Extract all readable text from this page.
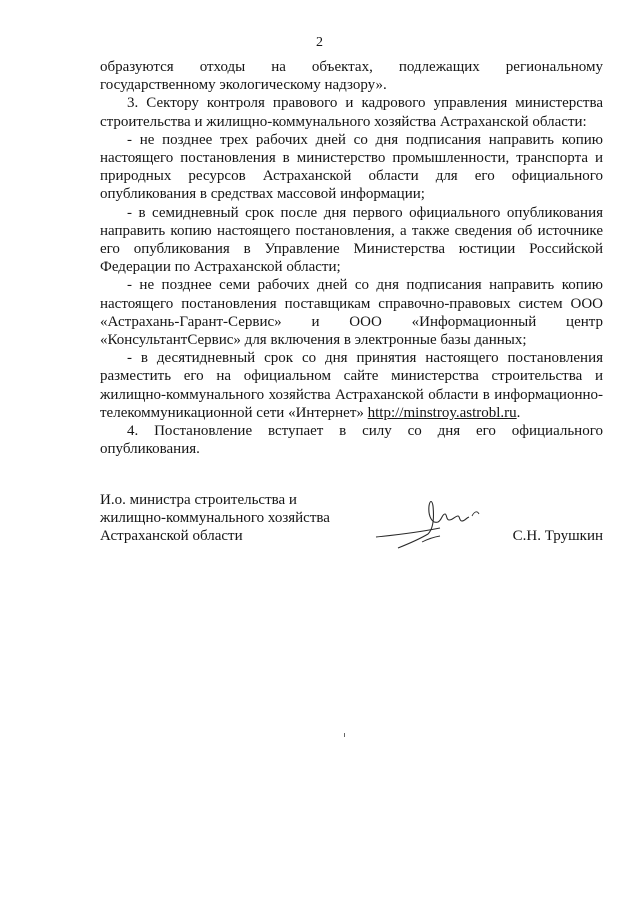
2

образуются отходы на объектах, подлежащих региональному государственному экологическому надзору».

3. Сектору контроля правового и кадрового управления министерства строительства и жилищно-коммунального хозяйства Астраханской области:

- не позднее трех рабочих дней со дня подписания направить копию настоящего постановления в министерство промышленности, транспорта и природных ресурсов Астраханской области для его официального опубликования в средствах массовой информации;

- в семидневный срок после дня первого официального опубликования направить копию настоящего постановления, а также сведения об источнике его опубликования в Управление Министерства юстиции Российской Федерации по Астраханской области;

- не позднее семи рабочих дней со дня подписания направить копию настоящего постановления поставщикам справочно-правовых систем ООО «Астрахань-Гарант-Сервис» и ООО «Информационный центр «КонсультантСервис» для включения в электронные базы данных;

- в десятидневный срок со дня принятия настоящего постановления разместить его на официальном сайте министерства строительства и жилищно-коммунального хозяйства Астраханской области в информационно-телекоммуникационной сети «Интернет» http://minstroy.astrobl.ru.

4. Постановление вступает в силу со дня его официального опубликования.

И.о. министра строительства и
жилищно-коммунального хозяйства
Астраханской области	С.Н. Трушкин
